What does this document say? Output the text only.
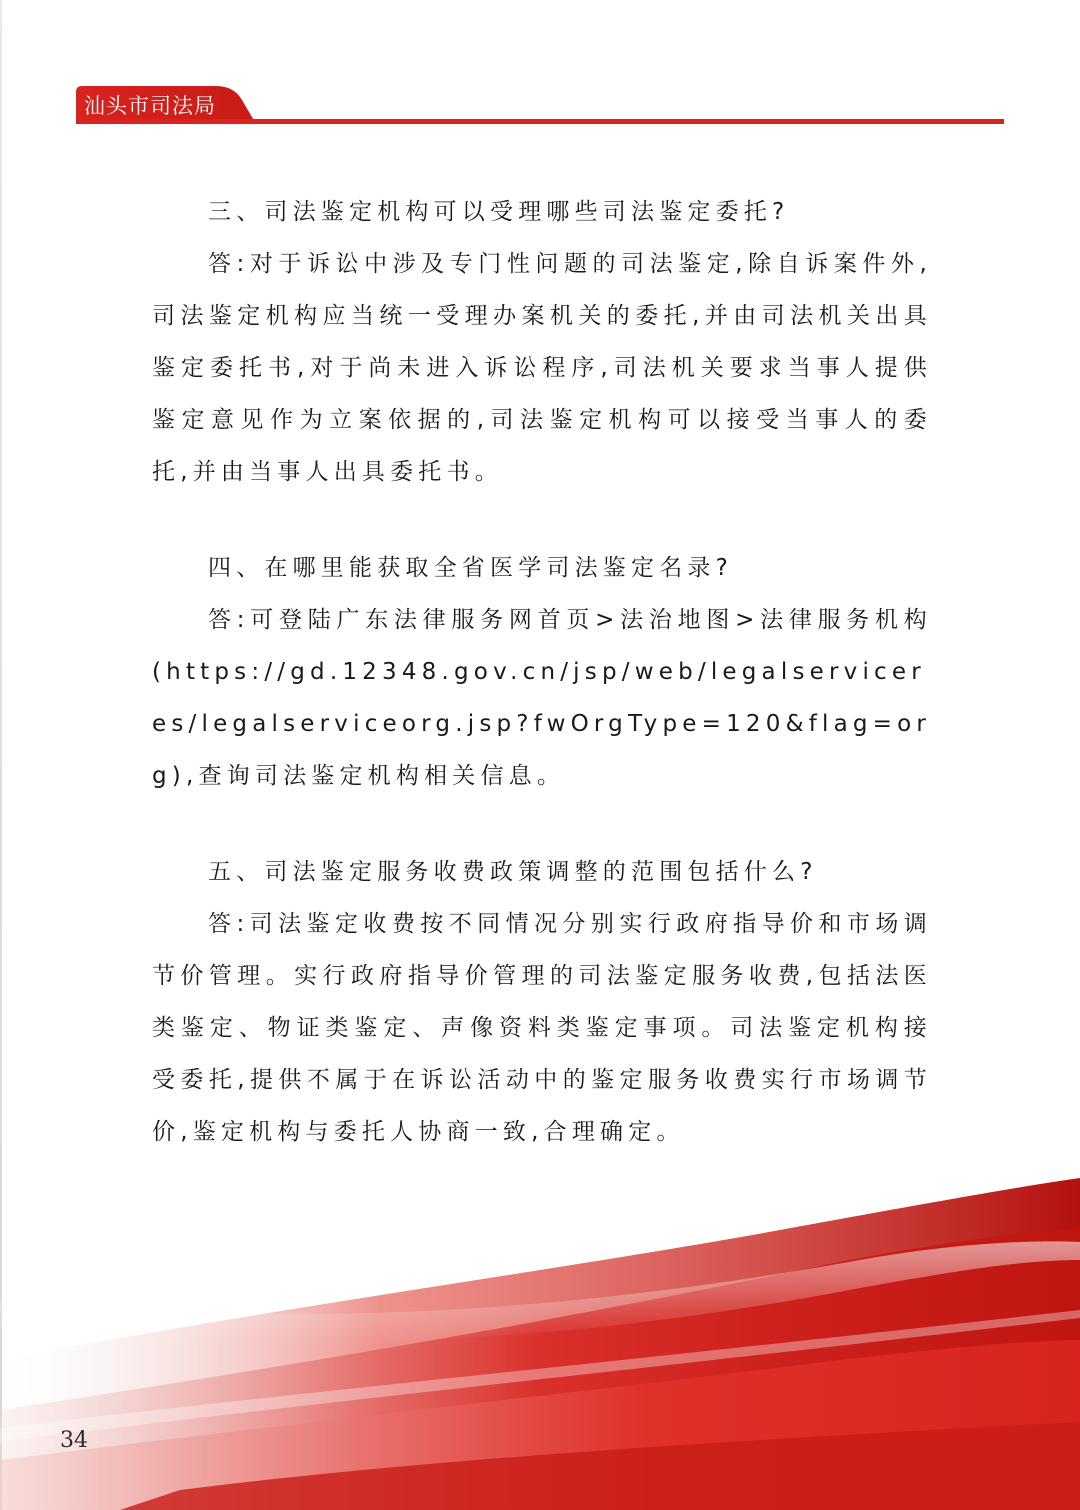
汕头市司法局

三、司法鉴定机构可以受理哪些司法鉴定委托?

答:对于诉讼中涉及专门性问题的司法鉴定,除自诉案件外,司法鉴定机构应当统一受理办案机关的委托,并由司法机关出具鉴定委托书,对于尚未进入诉讼程序,司法机关要求当事人提供鉴定意见作为立案依据的,司法鉴定机构可以接受当事人的委托,并由当事人出具委托书。

四、在哪里能获取全省医学司法鉴定名录?

答:可登陆广东法律服务网首页>法治地图>法律服务机构(https://gd.12348.gov.cn/jsp/web/legalserviceres/legalserviceorg.jsp?fwOrgType=120&flag=org),查询司法鉴定机构相关信息。

五、司法鉴定服务收费政策调整的范围包括什么?

答:司法鉴定收费按不同情况分别实行政府指导价和市场调节价管理。实行政府指导价管理的司法鉴定服务收费,包括法医类鉴定、物证类鉴定、声像资料类鉴定事项。司法鉴定机构接受委托,提供不属于在诉讼活动中的鉴定服务收费实行市场调节价,鉴定机构与委托人协商一致,合理确定。

34
